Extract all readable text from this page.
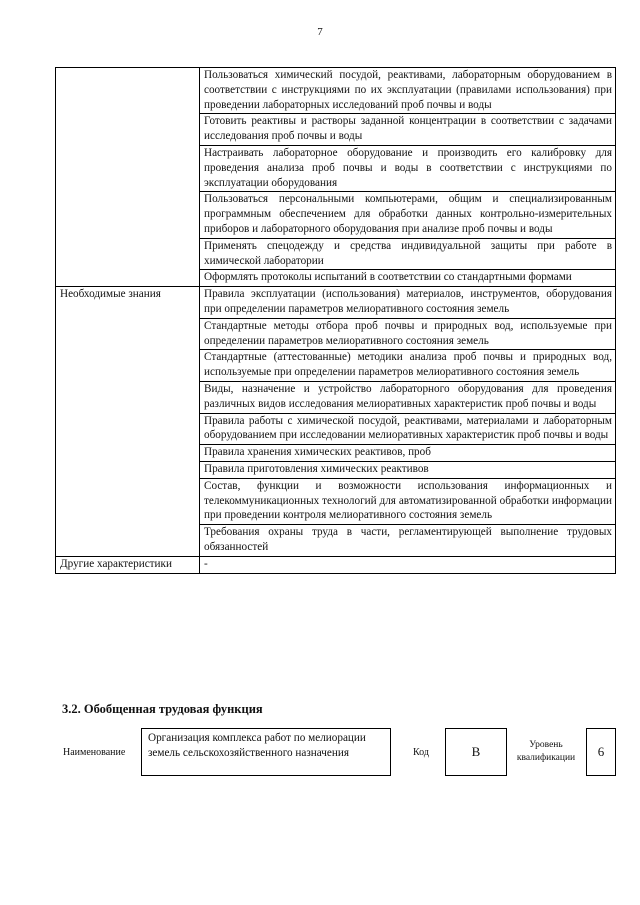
7
	Пользоваться химический посудой, реактивами, лабораторным оборудованием в соответствии с инструкциями по их эксплуатации (правилами использования) при проведении лабораторных исследований проб почвы и воды
	Готовить реактивы и растворы заданной концентрации в соответствии с задачами исследования проб почвы и воды
	Настраивать лабораторное оборудование и производить его калибровку для проведения анализа проб почвы и воды в соответствии с инструкциями по эксплуатации оборудования
	Пользоваться персональными компьютерами, общим и специализированным программным обеспечением для обработки данных контрольно-измерительных приборов и лабораторного оборудования при анализе проб почвы и воды
	Применять спецодежду и средства индивидуальной защиты при работе в химической лаборатории
	Оформлять протоколы испытаний в соответствии со стандартными формами
Необходимые знания	Правила эксплуатации (использования) материалов, инструментов, оборудования при определении параметров мелиоративного состояния земель
	Стандартные методы отбора проб почвы и природных вод, используемые при определении параметров мелиоративного состояния земель
	Стандартные (аттестованные) методики анализа проб почвы и природных вод, используемые при определении параметров мелиоративного состояния земель
	Виды, назначение и устройство лабораторного оборудования для проведения различных видов исследования мелиоративных характеристик проб почвы и воды
	Правила работы с химической посудой, реактивами, материалами и лабораторным оборудованием при исследовании мелиоративных характеристик проб почвы и воды
	Правила хранения химических реактивов, проб
	Правила приготовления химических реактивов
	Состав, функции и возможности использования информационных и телекоммуникационных технологий для автоматизированной обработки информации при проведении контроля мелиоративного состояния земель
	Требования охраны труда в части, регламентирующей выполнение трудовых обязанностей
Другие характеристики	-
3.2. Обобщенная трудовая функция
Наименование
Организация комплекса работ по мелиорации земель сельскохозяйственного назначения	Код	В	Уровень квалификации	6
